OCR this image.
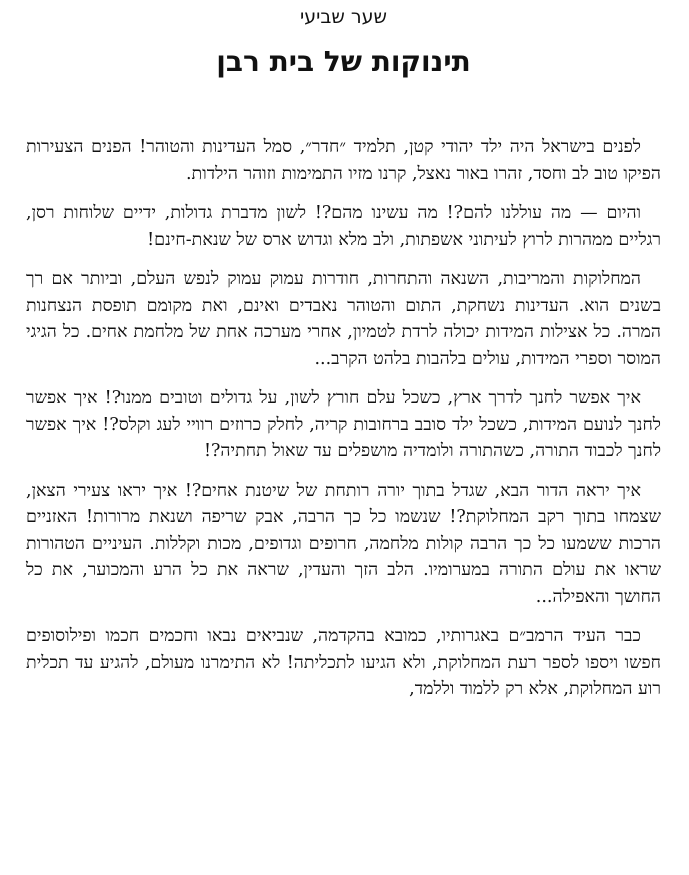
שער שביעי
תינוקות של בית רבן

לפנים בישראל היה ילד יהודי קטן, תלמיד ״חדר״, סמל העדינות והטוהר! הפנים הצעירות הפיקו טוב לב וחסד, זהרו באור נאצל, קרנו מזיו התמימות וזוהר הילדות.

והיום — מה עוללנו להם?! מה עשינו מהם?! לשון מדברת גדולות, ידיים שלוחות רסן, רגליים ממהרות לרוץ לעיתוני אשפתות, ולב מלא וגדוש ארס של שנאת-חינם!

המחלוקות והמריבות, השנאה והתחרות, חודרות עמוק עמוק לנפש העלם, וביותר אם רך בשנים הוא. העדינות נשחקת, התום והטוהר נאבדים ואינם, ואת מקומם תופסת הנצחנות המרה. כל אצילות המידות יכולה לרדת לטמיון, אחרי מערכה אחת של מלחמת אחים. כל הגיגי המוסר וספרי המידות, עולים בלהבות בלהט הקרב...

איך אפשר לחנך לדרך ארץ, כשכל עלם חורץ לשון, על גדולים וטובים ממנו?! איך אפשר לחנך לנועם המידות, כשכל ילד סובב ברחובות קריה, לחלק כרוזים רוויי לעג וקלס?! איך אפשר לחנך לכבוד התורה, כשהתורה ולומדיה מושפלים עד שאול תחתיה?!

איך יראה הדור הבא, שגדל בתוך יורה רותחת של שיטנת אחים?! איך יראו צעירי הצאן, שצמחו בתוך רקב המחלוקת?! שנשמו כל כך הרבה, אבק שריפה ושנאת מרורות! האזניים הרכות ששמעו כל כך הרבה קולות מלחמה, חרופים וגדופים, מכות וקללות. העיניים הטהורות שראו את עולם התורה במערומיו. הלב הזך והעדין, שראה את כל הרע והמכוער, את כל החושך והאפילה...

כבר העיד הרמב״ם באגרותיו, כמובא בהקדמה, שנביאים נבאו וחכמים חכמו ופילוסופים חפשו ויספו לספר רעת המחלוקת, ולא הגיעו לתכליתה! לא התימרנו מעולם, להגיע עד תכלית רוע המחלוקת, אלא רק ללמוד וללמד,
